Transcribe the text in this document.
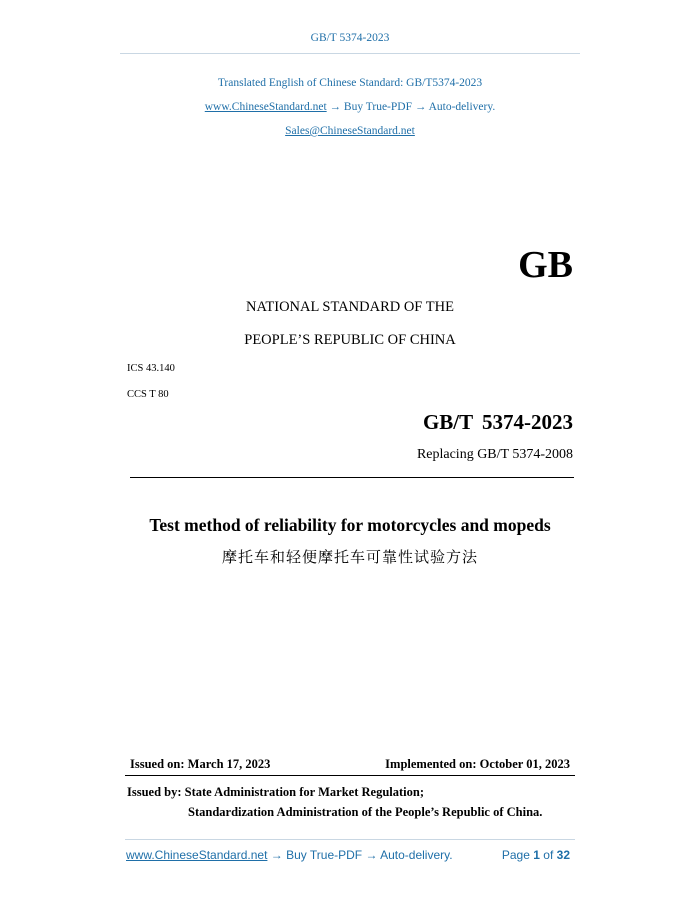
GB/T 5374-2023
Translated English of Chinese Standard: GB/T5374-2023
www.ChineseStandard.net → Buy True-PDF → Auto-delivery.
Sales@ChineseStandard.net
GB
NATIONAL STANDARD OF THE
PEOPLE’S REPUBLIC OF CHINA
ICS 43.140
CCS T 80
GB/T 5374-2023
Replacing GB/T 5374-2008
Test method of reliability for motorcycles and mopeds
摩托车和轻便摩托车可靠性试验方法
Issued on: March 17, 2023	Implemented on: October 01, 2023
Issued by: State Administration for Market Regulation;
Standardization Administration of the People’s Republic of China.
www.ChineseStandard.net → Buy True-PDF → Auto-delivery.	Page 1 of 32
